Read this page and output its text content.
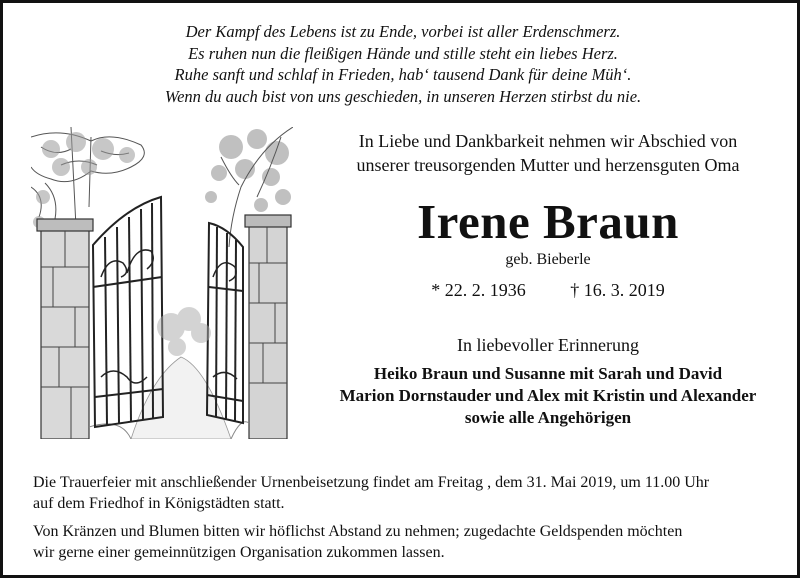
Der Kampf des Lebens ist zu Ende, vorbei ist aller Erdenschmerz.
Es ruhen nun die fleißigen Hände und stille steht ein liebes Herz.
Ruhe sanft und schlaf in Frieden, hab‘ tausend Dank für deine Müh‘.
Wenn du auch bist von uns geschieden, in unseren Herzen stirbst du nie.
In Liebe und Dankbarkeit nehmen wir Abschied von
unserer treusorgenden Mutter und herzensguten Oma
Irene Braun
geb. Bieberle
* 22. 2. 1936 † 16. 3. 2019
In liebevoller Erinnerung
Heiko Braun und Susanne mit Sarah und David
Marion Dornstauder und Alex mit Kristin und Alexander
sowie alle Angehörigen

Die Trauerfeier mit anschließender Urnenbeisetzung findet am Freitag , dem 31. Mai 2019, um 11.00 Uhr
auf dem Friedhof in Königstädten statt.

Von Kränzen und Blumen bitten wir höflichst Abstand zu nehmen; zugedachte Geldspenden möchten
wir gerne einer gemeinnützigen Organisation zukommen lassen.
